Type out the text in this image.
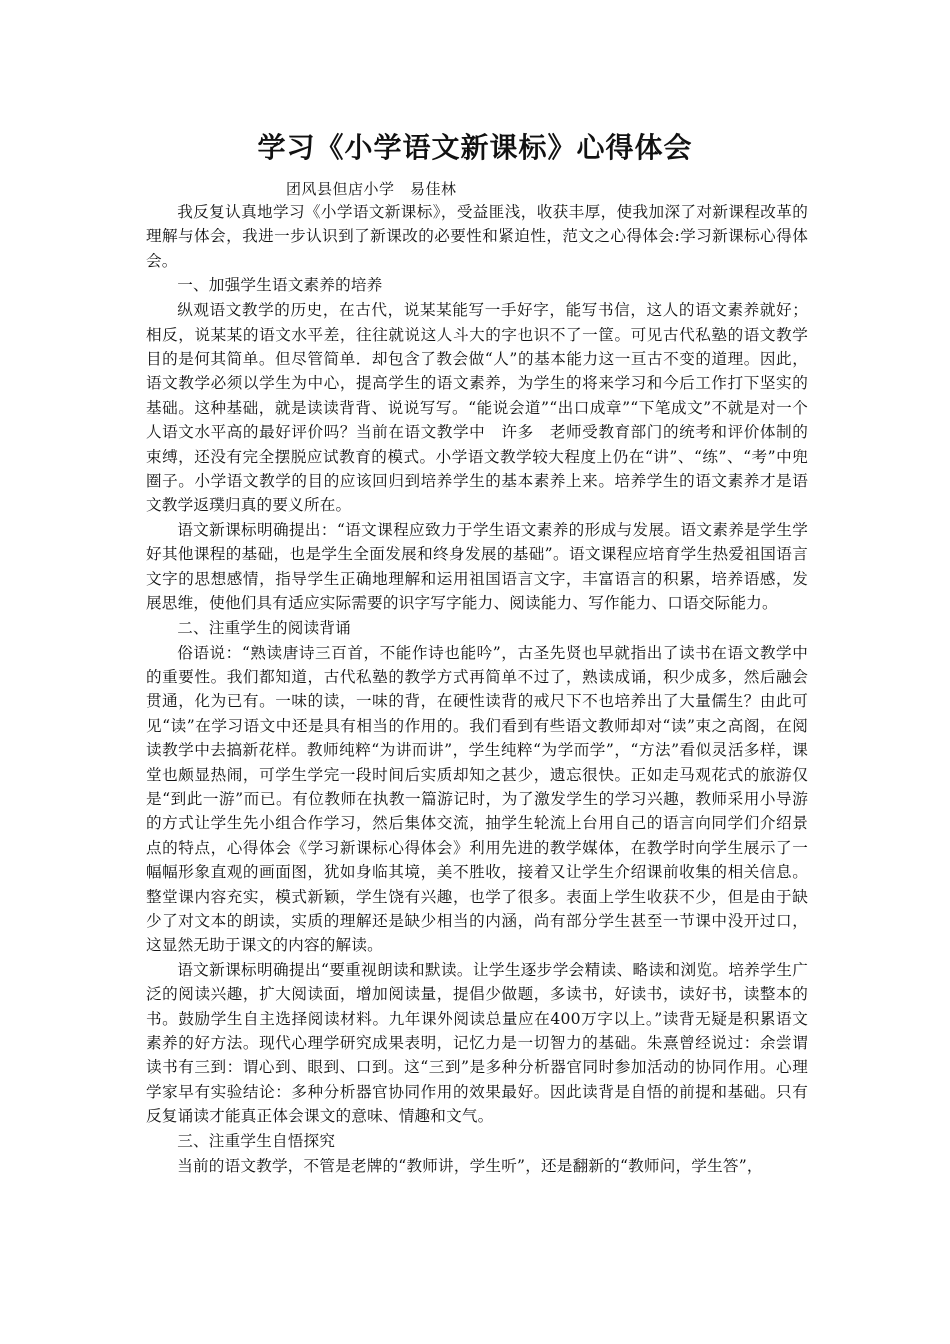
学习《小学语文新课标》心得体会

团风县但店小学　易佳林

我反复认真地学习《小学语文新课标》，受益匪浅，收获丰厚，使我加深了对新课程改革的理解与体会，我进一步认识到了新课改的必要性和紧迫性，范文之心得体会:学习新课标心得体会。

一、加强学生语文素养的培养

纵观语文教学的历史，在古代，说某某能写一手好字，能写书信，这人的语文素养就好；相反，说某某的语文水平差，往往就说这人斗大的字也识不了一筐。可见古代私塾的语文教学目的是何其简单。但尽管简单．却包含了教会做“人”的基本能力这一亘古不变的道理。因此，语文教学必须以学生为中心，提高学生的语文素养，为学生的将来学习和今后工作打下坚实的基础。这种基础，就是读读背背、说说写写。“能说会道”“出口成章”“下笔成文”不就是对一个人语文水平高的最好评价吗？当前在语文教学中　许多　老师受教育部门的统考和评价体制的束缚，还没有完全摆脱应试教育的模式。小学语文教学较大程度上仍在“讲”、“练”、“考”中兜圈子。小学语文教学的目的应该回归到培养学生的基本素养上来。培养学生的语文素养才是语文教学返璞归真的要义所在。

语文新课标明确提出：“语文课程应致力于学生语文素养的形成与发展。语文素养是学生学好其他课程的基础，也是学生全面发展和终身发展的基础”。语文课程应培育学生热爱祖国语言文字的思想感情，指导学生正确地理解和运用祖国语言文字，丰富语言的积累，培养语感，发展思维，使他们具有适应实际需要的识字写字能力、阅读能力、写作能力、口语交际能力。

二、注重学生的阅读背诵

俗语说：“熟读唐诗三百首，不能作诗也能吟”，古圣先贤也早就指出了读书在语文教学中的重要性。我们都知道，古代私塾的教学方式再简单不过了，熟读成诵，积少成多，然后融会贯通，化为已有。一味的读，一味的背，在硬性读背的戒尺下不也培养出了大量儒生？由此可见“读”在学习语文中还是具有相当的作用的。我们看到有些语文教师却对“读”束之高阁，在阅读教学中去搞新花样。教师纯粹“为讲而讲”，学生纯粹“为学而学”，“方法”看似灵活多样，课堂也颇显热闹，可学生学完一段时间后实质却知之甚少，遗忘很快。正如走马观花式的旅游仅是“到此一游”而已。有位教师在执教一篇游记时，为了激发学生的学习兴趣，教师采用小导游的方式让学生先小组合作学习，然后集体交流，抽学生轮流上台用自己的语言向同学们介绍景点的特点，心得体会《学习新课标心得体会》利用先进的教学媒体，在教学时向学生展示了一幅幅形象直观的画面图，犹如身临其境，美不胜收，接着又让学生介绍课前收集的相关信息。整堂课内容充实，模式新颖，学生饶有兴趣，也学了很多。表面上学生收获不少，但是由于缺少了对文本的朗读，实质的理解还是缺少相当的内涵，尚有部分学生甚至一节课中没开过口，这显然无助于课文的内容的解读。

语文新课标明确提出“要重视朗读和默读。让学生逐步学会精读、略读和浏览。培养学生广泛的阅读兴趣，扩大阅读面，增加阅读量，提倡少做题，多读书，好读书，读好书，读整本的书。鼓励学生自主选择阅读材料。九年课外阅读总量应在400万字以上。”读背无疑是积累语文素养的好方法。现代心理学研究成果表明，记忆力是一切智力的基础。朱熹曾经说过：余尝谓读书有三到：谓心到、眼到、口到。这“三到”是多种分析器官同时参加活动的协同作用。心理学家早有实验结论：多种分析器官协同作用的效果最好。因此读背是自悟的前提和基础。只有反复诵读才能真正体会课文的意味、情趣和文气。

三、注重学生自悟探究

当前的语文教学，不管是老牌的“教师讲，学生听”，还是翻新的“教师问，学生答”，
